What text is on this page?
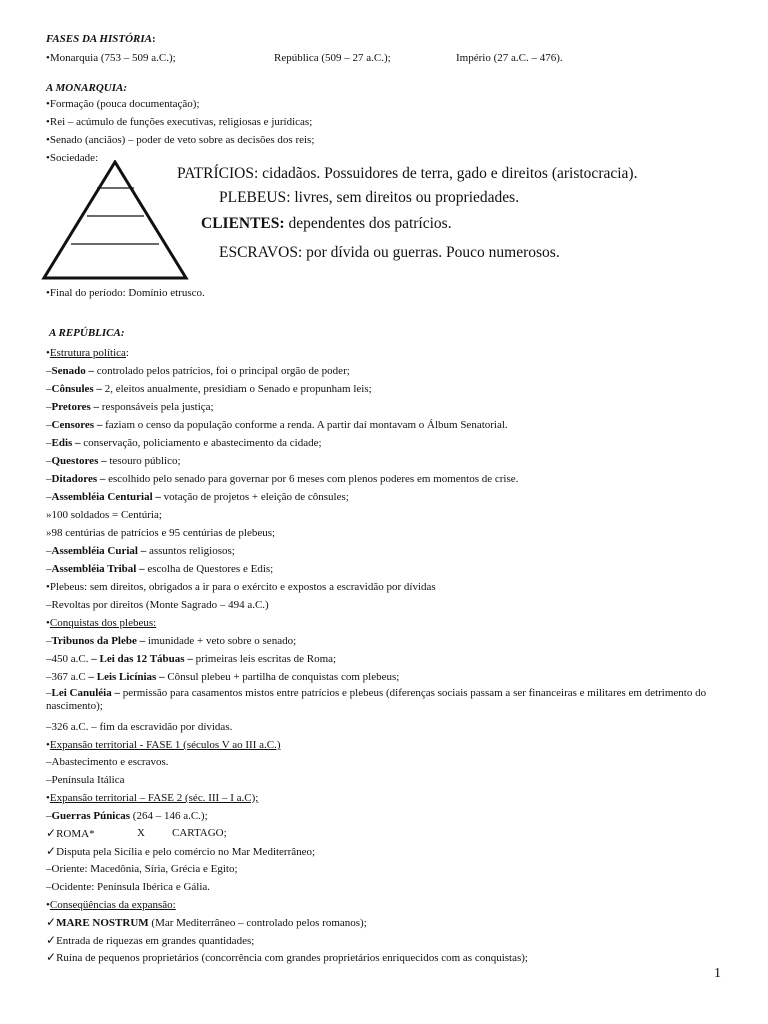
FASES DA HISTÓRIA:
•Monarquia (753 – 509 a.C.);	República (509 – 27 a.C.);	Império (27 a.C. – 476).
A MONARQUIA:
•Formação (pouca documentação);
•Rei – acúmulo de funções executivas, religiosas e jurídicas;
•Senado (anciãos) – poder de veto sobre as decisões dos reis;
•Sociedade:
PATRÍCIOS: cidadãos. Possuidores de terra, gado e direitos (aristocracia).
PLEBEUS: livres, sem direitos ou propriedades.
CLIENTES: dependentes dos patrícios.
ESCRAVOS: por dívida ou guerras. Pouco numerosos.
•Final do período: Domínio etrusco.
A REPÚBLICA:
•Estrutura política:
–Senado – controlado pelos patrícios, foi o principal orgão de poder;
–Cônsules – 2, eleitos anualmente, presidiam o Senado e propunham leis;
–Pretores – responsáveis pela justiça;
–Censores – faziam o censo da população conforme a renda. A partir daí montavam o Álbum Senatorial.
–Edis – conservação, policiamento e abastecimento da cidade;
–Questores – tesouro público;
–Ditadores – escolhido pelo senado para governar por 6 meses com plenos poderes em momentos de crise.
–Assembléia Centurial – votação de projetos + eleição de cônsules;
»100 soldados = Centúria;
»98 centúrias de patrícios e 95 centúrias de plebeus;
–Assembléia Curial – assuntos religiosos;
–Assembléia Tribal – escolha de Questores e Edis;
•Plebeus: sem direitos, obrigados a ir para o exército e expostos a escravidão por dívidas
–Revoltas por direitos (Monte Sagrado – 494 a.C.)
•Conquistas dos plebeus:
–Tribunos da Plebe – imunidade + veto sobre o senado;
–450 a.C. – Lei das 12 Tábuas – primeiras leis escritas de Roma;
–367 a.C – Leis Licínias – Cônsul plebeu + partilha de conquistas com plebeus;
–Lei Canuléia – permissão para casamentos mistos entre patrícios e plebeus (diferenças sociais passam a ser financeiras e militares em detrimento do nascimento);
–326 a.C. – fim da escravidão por dívidas.
•Expansão territorial - FASE 1 (séculos V ao III a.C.)
–Abastecimento e escravos.
–Península Itálica
•Expansão territorial – FASE 2 (séc. III – I a.C);
–Guerras Púnicas (264 – 146 a.C.);
✓ROMA*	X CARTAGO;
✓Disputa pela Sicília e pelo comércio no Mar Mediterrâneo;
–Oriente: Macedônia, Síria, Grécia e Egito;
–Ocidente: Península Ibérica e Gália.
•Conseqüências da expansão:
✓MARE NOSTRUM (Mar Mediterrâneo – controlado pelos romanos);
✓Entrada de riquezas em grandes quantidades;
✓Ruína de pequenos proprietários (concorrência com grandes proprietários enriquecidos com as conquistas);
1
